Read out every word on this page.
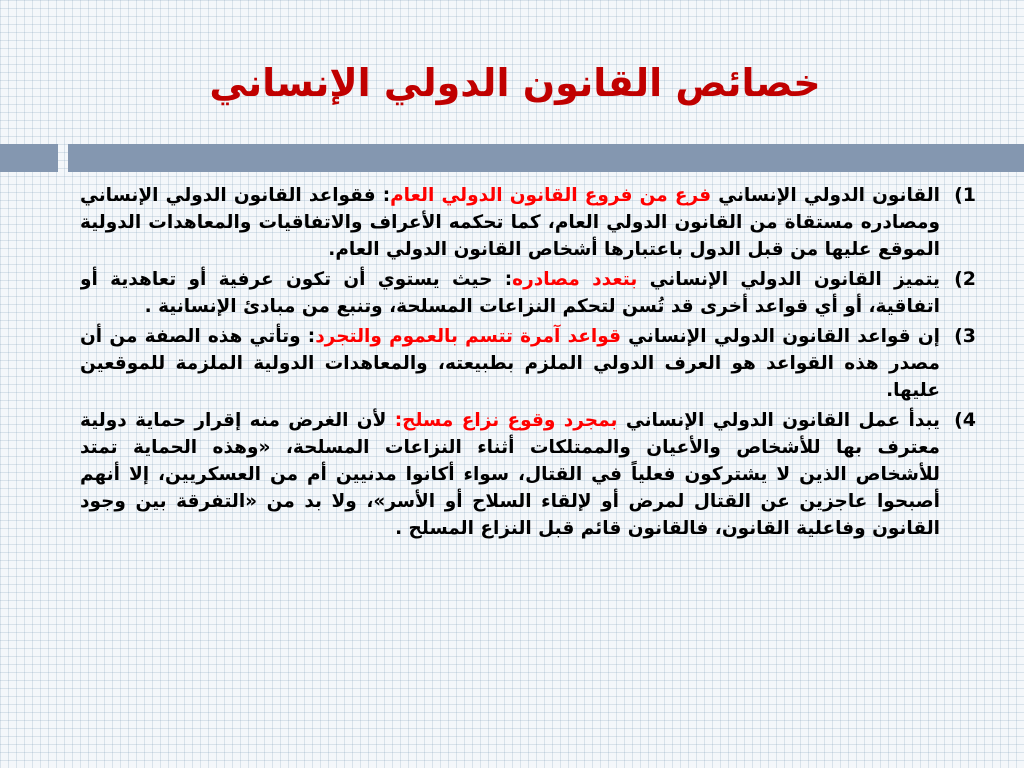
خصائص القانون الدولي الإنساني
(1

القانون الدولي الإنساني فرع من فروع القانون الدولي العام: فقواعد القانون الدولي الإنساني ومصادره مستقاة من القانون الدولي العام، كما تحكمه الأعراف والاتفاقيات والمعاهدات الدولية الموقع عليها من قبل الدول باعتبارها أشخاص القانون الدولي العام.

(2

يتميز القانون الدولي الإنساني بتعدد مصادره: حيث يستوي أن تكون عرفية أو تعاهدية أو اتفاقية، أو أي قواعد أخرى قد تُسن لتحكم النزاعات المسلحة، وتنبع من مبادئ الإنسانية .

(3

إن قواعد القانون الدولي الإنساني قواعد آمرة تتسم بالعموم والتجرد: وتأتي هذه الصفة من أن مصدر هذه القواعد هو العرف الدولي الملزم بطبيعته، والمعاهدات الدولية الملزمة للموقعين عليها.

(4

يبدأ عمل القانون الدولي الإنساني بمجرد وقوع نزاع مسلح: لأن الغرض منه إقرار حماية دولية معترف بها للأشخاص والأعيان والممتلكات أثناء النزاعات المسلحة، «وهذه الحماية تمتد للأشخاص الذين لا يشتركون فعلياً في القتال، سواء أكانوا مدنيين أم من العسكريين، إلا أنهم أصبحوا عاجزين عن القتال لمرض أو لإلقاء السلاح أو الأسر»، ولا بد من «التفرقة بين وجود القانون وفاعلية القانون، فالقانون قائم قبل النزاع المسلح .
